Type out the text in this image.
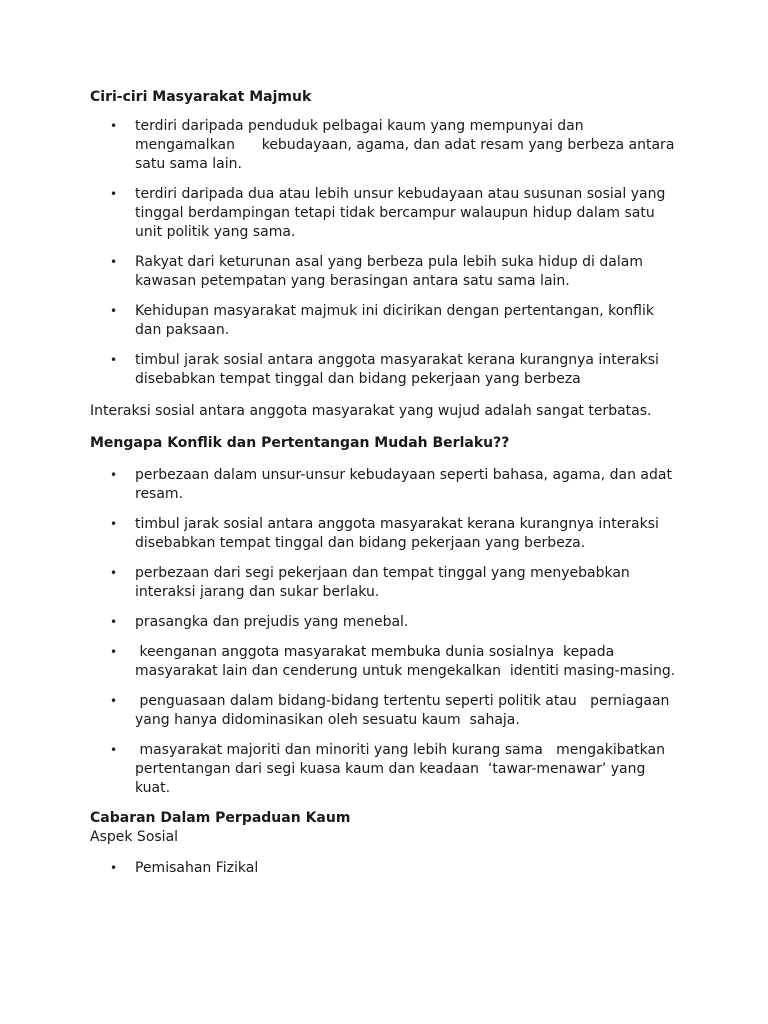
Ciri-ciri Masyarakat Majmuk

• terdiri daripada penduduk pelbagai kaum yang mempunyai dan
mengamalkan      kebudayaan, agama, dan adat resam yang berbeza antara
satu sama lain.
• terdiri daripada dua atau lebih unsur kebudayaan atau susunan sosial yang
tinggal berdampingan tetapi tidak bercampur walaupun hidup dalam satu
unit politik yang sama.
• Rakyat dari keturunan asal yang berbeza pula lebih suka hidup di dalam
kawasan petempatan yang berasingan antara satu sama lain.
• Kehidupan masyarakat majmuk ini dicirikan dengan pertentangan, konflik
dan paksaan.
• timbul jarak sosial antara anggota masyarakat kerana kurangnya interaksi
disebabkan tempat tinggal dan bidang pekerjaan yang berbeza

Interaksi sosial antara anggota masyarakat yang wujud adalah sangat terbatas.

Mengapa Konflik dan Pertentangan Mudah Berlaku??

• perbezaan dalam unsur-unsur kebudayaan seperti bahasa, agama, dan adat
resam.
• timbul jarak sosial antara anggota masyarakat kerana kurangnya interaksi
disebabkan tempat tinggal dan bidang pekerjaan yang berbeza.
• perbezaan dari segi pekerjaan dan tempat tinggal yang menyebabkan
interaksi jarang dan sukar berlaku.
• prasangka dan prejudis yang menebal.
• keenganan anggota masyarakat membuka dunia sosialnya  kepada
masyarakat lain dan cenderung untuk mengekalkan  identiti masing-masing.
• penguasaan dalam bidang-bidang tertentu seperti politik atau   perniagaan
yang hanya didominasikan oleh sesuatu kaum  sahaja.
• masyarakat majoriti dan minoriti yang lebih kurang sama   mengakibatkan
pertentangan dari segi kuasa kaum dan keadaan  ‘tawar-menawar’ yang
kuat.

Cabaran Dalam Perpaduan Kaum

Aspek Sosial

• Pemisahan Fizikal
